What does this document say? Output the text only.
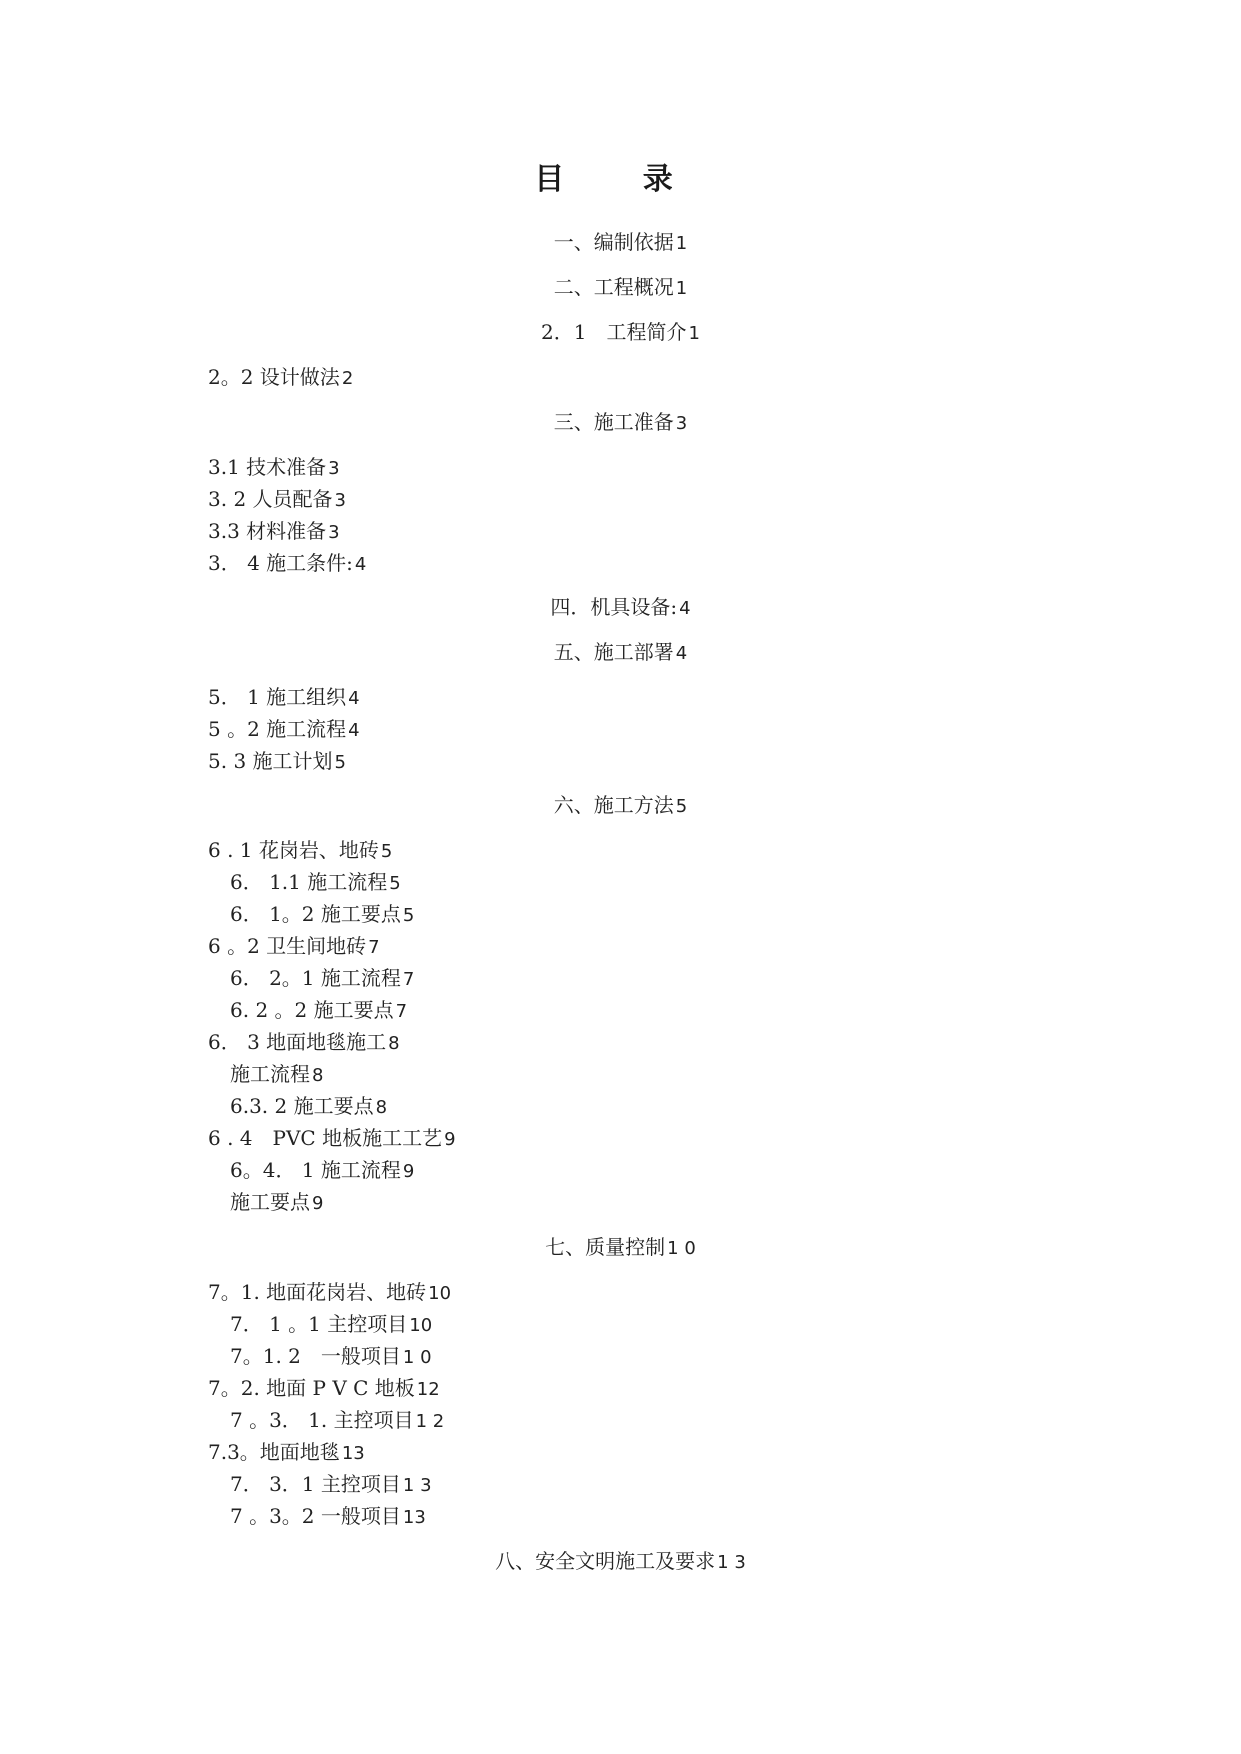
目 录
一、编制依据 1
二、工程概况 1
2．1　工程简介 1
2。2 设计做法 2
三、施工准备 3
3.1 技术准备 3
3. 2 人员配备 3
3.3 材料准备 3
3． 4 施工条件: 4
四．机具设备: 4
五、施工部署 4
5． 1 施工组织 4
5 。2 施工流程 4
5. 3 施工计划 5
六、施工方法 5
6 . 1 花岗岩、地砖 5
6． 1.1 施工流程 5
6． 1。2 施工要点 5
6 。2 卫生间地砖 7
6． 2。1 施工流程 7
6. 2 。2 施工要点 7
6． 3 地面地毯施工 8
施工流程 8
6.3. 2 施工要点 8
6 . 4　PVC 地板施工工艺 9
6。4． 1 施工流程 9
施工要点 9
七、质量控制 1 0
7。1. 地面花岗岩、地砖 10
7． 1 。1 主控项目 10
7。1. 2　一般项目 1 0
7。2. 地面 P V C 地板 12
7 。3． 1. 主控项目 1 2
7.3。地面地毯 13
7． 3．1 主控项目 1 3
7 。3。2 一般项目 13
八、安全文明施工及要求 1 3
